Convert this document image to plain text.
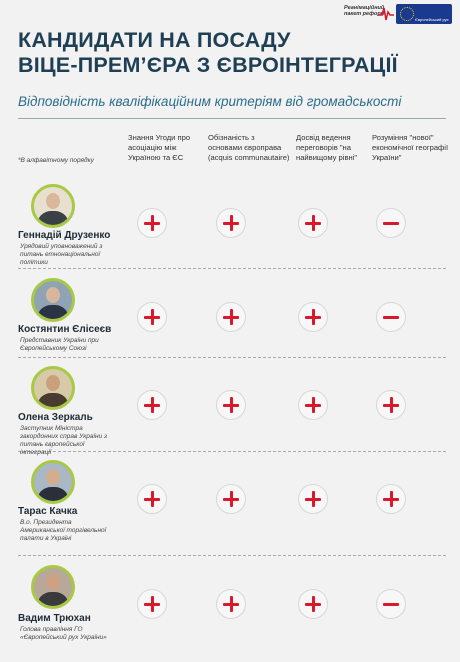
Реанімаційний пакет реформ
Європейський рух
КАНДИДАТИ НА ПОСАДУ
ВІЦЕ-ПРЕМ’ЄРА З ЄВРОІНТЕГРАЦІЇ
Відповідність кваліфікаційним критеріям від громадськості
Знання Угоди про асоціацію між Україною та ЄС
Обізнаність з основами європрава (acquis communautaire)
Досвід ведення переговорів "на найвищому рівні"
Розуміння "нової" економічної географії України"
*В алфавітному порядку
Геннадій Друзенко
Урядовий уповноважений з питань етнонаціональної політики
Костянтин Єлісеєв
Представник України при Європейському Союзі
Олена Зеркаль
Заступник Міністра закордонних справ України з питань європейської інтеграції
Тарас Качка
В.о. Президента Американської торгівельної палати в Україні
Вадим Трюхан
Голова правління ГО «Європейський рух України»
